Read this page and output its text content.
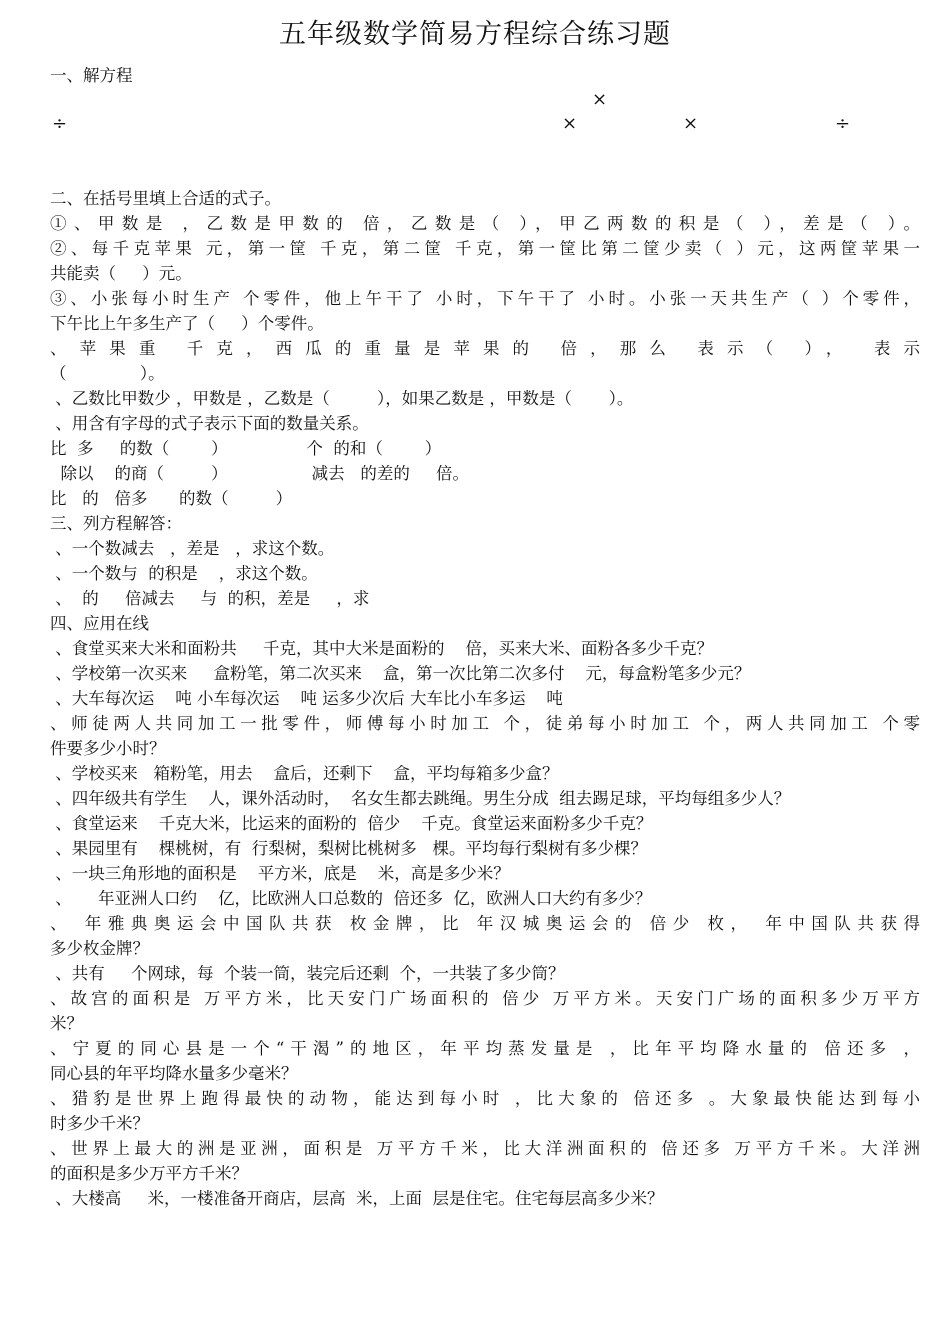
五年级数学简易方程综合练习题
×
÷	×	×	÷
一、解方程
二、在括号里填上合适的式子。
①、甲数是 ，乙数是甲数的 倍，乙数是（ ），甲乙两数的积是（ ），差是（ ）。
②、每千克苹果 元，第一筐 千克，第二筐 千克，第一筐比第二筐少卖（ ）元，这两筐苹果一
共能卖（     ）元。
③、小张每小时生产 个零件，他上午干了 小时，下午干了 小时。小张一天共生产（ ）个零件，
下午比上午多生产了（     ）个零件。
、苹果重 千克，西瓜的重量是苹果的 倍，那么 表示（ ）， 表示
（              ）。
、乙数比甲数少 ，甲数是 ，乙数是（         ），如果乙数是 ，甲数是（       ）。
、用含有字母的式子表示下面的数量关系。
比  多     的数（        ）               个  的和（        ）
除以    的商（         ）                减去   的差的     倍。
比   的   倍多      的数（         ）
三、列方程解答：
、一个数减去   ，差是   ，求这个数。
、一个数与  的积是    ，求这个数。
、  的     倍减去     与  的积，差是     ，求
四、应用在线
、食堂买来大米和面粉共     千克，其中大米是面粉的    倍，买来大米、面粉各多少千克？
、学校第一次买来     盒粉笔，第二次买来    盒，第一次比第二次多付    元，每盒粉笔多少元？
、大车每次运    吨 小车每次运    吨 运多少次后 大车比小车多运    吨
、师徒两人共同加工一批零件，师傅每小时加工 个，徒弟每小时加工 个，两人共同加工 个零
件要多少小时？
、学校买来   箱粉笔，用去    盒后，还剩下    盒，平均每箱多少盒？
、四年级共有学生    人，课外活动时，  名女生都去跳绳。男生分成  组去踢足球，平均每组多少人？
、食堂运来    千克大米，比运来的面粉的  倍少    千克。食堂运来面粉多少千克？
、果园里有    棵桃树，有  行梨树，梨树比桃树多   棵。平均每行梨树有多少棵？
、一块三角形地的面积是    平方米，底是    米，高是多少米？
、     年亚洲人口约    亿，比欧洲人口总数的  倍还多  亿，欧洲人口大约有多少？
、 年雅典奥运会中国队共获 枚金牌，比 年汉城奥运会的 倍少 枚， 年中国队共获得
多少枚金牌？
、共有     个网球，每  个装一筒，装完后还剩  个，一共装了多少筒？
、故宫的面积是 万平方米，比天安门广场面积的 倍少 万平方米。天安门广场的面积多少万平方
米？
、宁夏的同心县是一个“干渴”的地区，年平均蒸发量是 ，比年平均降水量的 倍还多 ，
同心县的年平均降水量多少毫米？
、猎豹是世界上跑得最快的动物，能达到每小时 ，比大象的 倍还多 。大象最快能达到每小
时多少千米？
、世界上最大的洲是亚洲，面积是 万平方千米，比大洋洲面积的 倍还多 万平方千米。大洋洲
的面积是多少万平方千米？
、大楼高     米，一楼准备开商店，层高  米，上面  层是住宅。住宅每层高多少米？
